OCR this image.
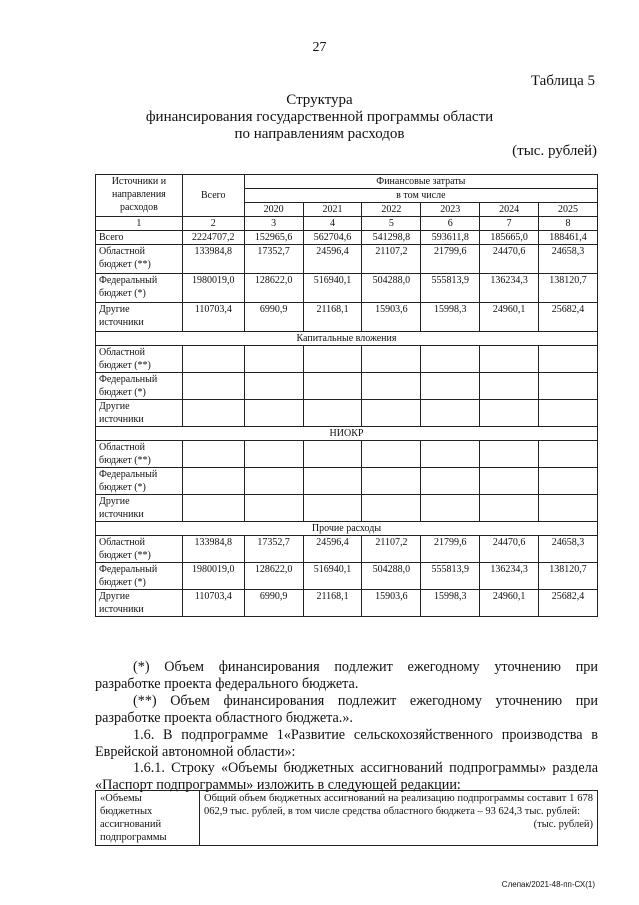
27
Таблица 5
Структура
финансирования государственной программы области
по направлениям расходов
(тыс. рублей)
Источники и
направления
расходов	Всего	Финансовые затраты					
		в том числе					
		2020	2021	2022	2023	2024	2025
1	2	3	4	5	6	7	8
Всего	2224707,2	152965,6	562704,6	541298,8	593611,8	185665,0	188461,4

Областной
бюджет (**)	133984,8	17352,7	24596,4	21107,2	21799,6	24470,6	24658,3

Федеральный
бюджет (*)	1980019,0	128622,0	516940,1	504288,0	555813,9	136234,3	138120,7

Другие
источники	110703,4	6990,9	21168,1	15903,6	15998,3	24960,1	25682,4
Капитальные вложения							

Областной
бюджет (**)							

Федеральный
бюджет (*)							

Другие
источники							

НИОКР							

Областной
бюджет (**)							

Федеральный
бюджет (*)							

Другие
источники							

Прочие расходы							

Областной
бюджет (**)	133984,8	17352,7	24596,4	21107,2	21799,6	24470,6	24658,3

Федеральный
бюджет (*)	1980019,0	128622,0	516940,1	504288,0	555813,9	136234,3	138120,7

Другие
источники	110703,4	6990,9	21168,1	15903,6	15998,3	24960,1	25682,4
(*) Объем финансирования подлежит ежегодному уточнению при разработке проекта федерального бюджета.
(**) Объем финансирования подлежит ежегодному уточнению при разработке проекта областного бюджета.».
1.6. В подпрограмме 1«Развитие сельскохозяйственного производства в Еврейской автономной области»:
1.6.1. Строку «Объемы бюджетных ассигнований подпрограммы» раздела «Паспорт подпрограммы» изложить в следующей редакции:
«Объемы
бюджетных
ассигнований
подпрограммы

Общий объем бюджетных ассигнований на реализацию подпрограммы составит 1 678 062,9 тыс. рублей, в том числе средства областного бюджета – 93 624,3 тыс. рублей:
(тыс. рублей)
Слепак/2021-48-пп-СХ(1)
